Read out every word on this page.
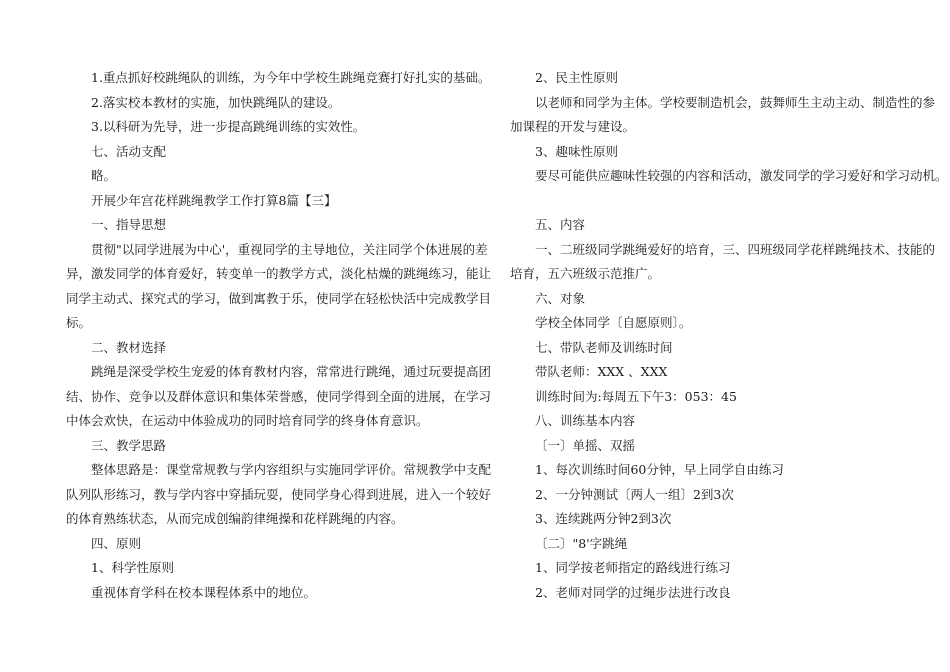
1.重点抓好校跳绳队的训练，为今年中学校生跳绳竞赛打好扎实的基础。
2.落实校本教材的实施，加快跳绳队的建设。
3.以科研为先导，进一步提高跳绳训练的实效性。
七、活动支配
略。
开展少年宫花样跳绳教学工作打算8篇【三】
一、指导思想
贯彻"以同学进展为中心'，重视同学的主导地位，关注同学个体进展的差
异，激发同学的体育爱好，转变单一的教学方式，淡化枯燥的跳绳练习，能让
同学主动式、探究式的学习，做到寓教于乐，使同学在轻松快活中完成教学目
标。
二、教材选择
跳绳是深受学校生宠爱的体育教材内容，常常进行跳绳，通过玩要提高团
结、协作、竞争以及群体意识和集体荣誉感，使同学得到全面的进展，在学习
中体会欢快，在运动中体验成功的同时培育同学的终身体育意识。
三、教学思路
整体思路是：课堂常规教与学内容组织与实施同学评价。常规教学中支配
队列队形练习，教与学内容中穿插玩耍，使同学身心得到进展，进入一个较好
的体育熟练状态，从而完成创编韵律绳操和花样跳绳的内容。
四、原则
1、科学性原则
重视体育学科在校本课程体系中的地位。
2、民主性原则
以老师和同学为主体。学校要制造机会，鼓舞师生主动主动、制造性的参
加课程的开发与建设。
3、趣味性原则
要尽可能供应趣味性较强的内容和活动，激发同学的学习爱好和学习动机。
五、内容
一、二班级同学跳绳爱好的培育，三、四班级同学花样跳绳技术、技能的
培育，五六班级示范推广。
六、对象
学校全体同学〔自愿原则〕。
七、带队老师及训练时间
带队老师：XXX 、XXX
训练时间为:每周五下午3：053：45
八、训练基本内容
〔一〕单摇、双摇
1、每次训练时间60分钟，早上同学自由练习
2、一分钟测试〔两人一组〕2到3次
3、连续跳两分钟2到3次
〔二〕"8'字跳绳
1、同学按老师指定的路线进行练习
2、老师对同学的过绳步法进行改良
